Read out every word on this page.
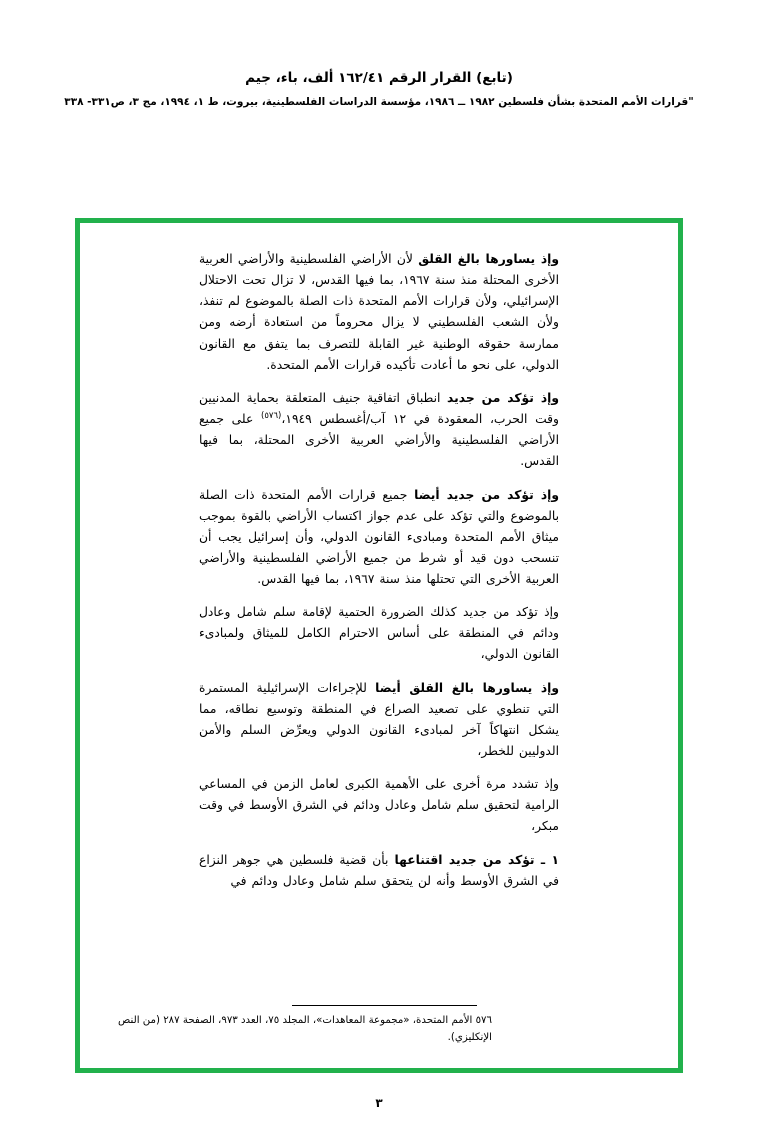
(تابع) القرار الرقم ١٦٢/٤١ ألف، باء، جيم
"قرارات الأمم المتحدة بشأن فلسطين ١٩٨٢ ــ ١٩٨٦، مؤسسة الدراسات الفلسطينية، بيروت، ط ١، ١٩٩٤، مج ٣، ص٣٣١- ٣٣٨

وإذ يساورها بالغ القلق لأن الأراضي الفلسطينية والأراضي العربية الأخرى المحتلة منذ سنة ١٩٦٧، بما فيها القدس، لا تزال تحت الاحتلال الإسرائيلي، ولأن قرارات الأمم المتحدة ذات الصلة بالموضوع لم تنفذ، ولأن الشعب الفلسطيني لا يزال محروماً من استعادة أرضه ومن ممارسة حقوقه الوطنية غير القابلة للتصرف بما يتفق مع القانون الدولي، على نحو ما أعادت تأكيده قرارات الأمم المتحدة.

وإذ تؤكد من جديد انطباق اتفاقية جنيف المتعلقة بحماية المدنيين وقت الحرب، المعقودة في ١٢ آب/أغسطس ١٩٤٩،$^{(٥٧٦)}$ على جميع الأراضي الفلسطينية والأراضي العربية الأخرى المحتلة، بما فيها القدس.

وإذ تؤكد من جديد أيضا جميع قرارات الأمم المتحدة ذات الصلة بالموضوع والتي تؤكد على عدم جواز اكتساب الأراضي بالقوة بموجب ميثاق الأمم المتحدة ومبادىء القانون الدولي، وأن إسرائيل يجب أن تنسحب دون قيد أو شرط من جميع الأراضي الفلسطينية والأراضي العربية الأخرى التي تحتلها منذ سنة ١٩٦٧، بما فيها القدس.

وإذ تؤكد من جديد كذلك الضرورة الحتمية لإقامة سلم شامل وعادل ودائم في المنطقة على أساس الاحترام الكامل للميثاق ولمبادىء القانون الدولي،

وإذ يساورها بالغ القلق أيضا للإجراءات الإسرائيلية المستمرة التي تنطوي على تصعيد الصراع في المنطقة وتوسيع نطاقه، مما يشكل انتهاكاً آخر لمبادىء القانون الدولي ويعرِّض السلم والأمن الدوليين للخطر،

وإذ تشدد مرة أخرى على الأهمية الكبرى لعامل الزمن في المساعي الرامية لتحقيق سلم شامل وعادل ودائم في الشرق الأوسط في وقت مبكر،

١ ـ تؤكد من جديد اقتناعها بأن قضية فلسطين هي جوهر النزاع في الشرق الأوسط وأنه لن يتحقق سلم شامل وعادل ودائم في

٥٧٦ الأمم المتحدة، «مجموعة المعاهدات»، المجلد ٧٥، العدد ٩٧٣، الصفحة ٢٨٧ (من النص الإنكليزي).
٣
